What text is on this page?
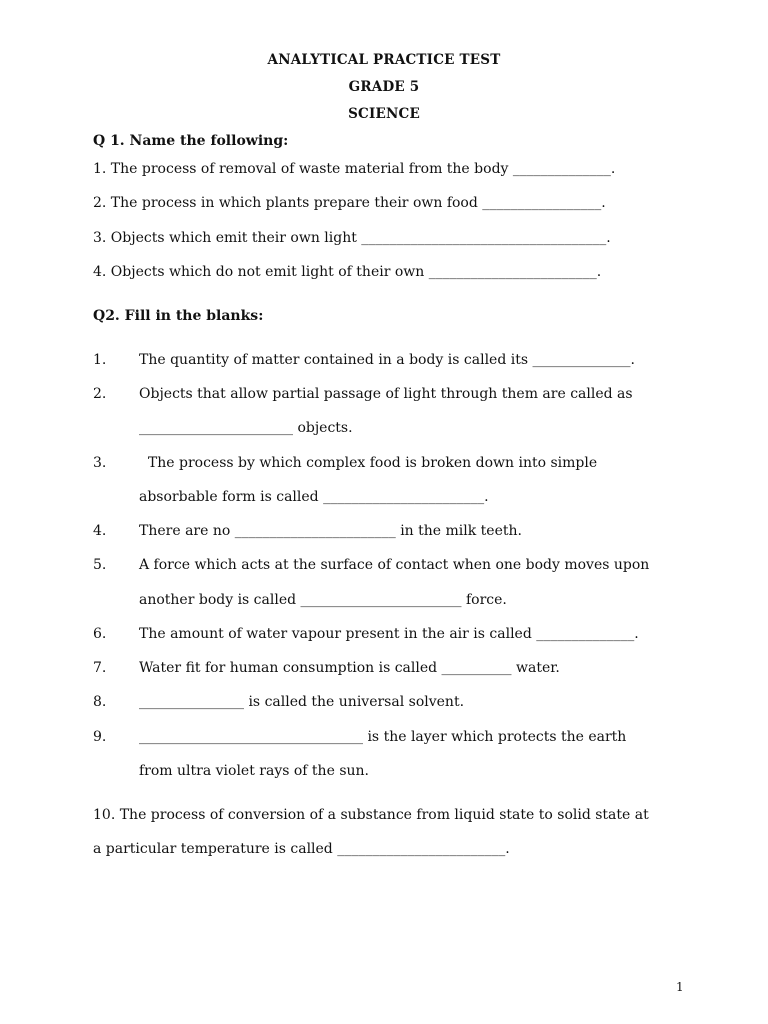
ANALYTICAL PRACTICE TEST
GRADE 5
SCIENCE
Q 1. Name the following:
1. The process of removal of waste material from the body ______________.
2. The process in which plants prepare their own food _________________.
3. Objects which emit their own light ___________________________________.
4. Objects which do not emit light of their own ________________________.
Q2. Fill in the blanks:
1. The quantity of matter contained in a body is called its ______________.
2. Objects that allow partial passage of light through them are called as
______________________ objects.
3. The process by which complex food is broken down into simple
absorbable form is called _______________________.
4. There are no _______________________ in the milk teeth.
5. A force which acts at the surface of contact when one body moves upon
another body is called _______________________ force.
6. The amount of water vapour present in the air is called ______________.
7. Water fit for human consumption is called __________ water.
8. _______________ is called the universal solvent.
9. ________________________________ is the layer which protects the earth
from ultra violet rays of the sun.
10. The process of conversion of a substance from liquid state to solid state at
a particular temperature is called ________________________.
1
